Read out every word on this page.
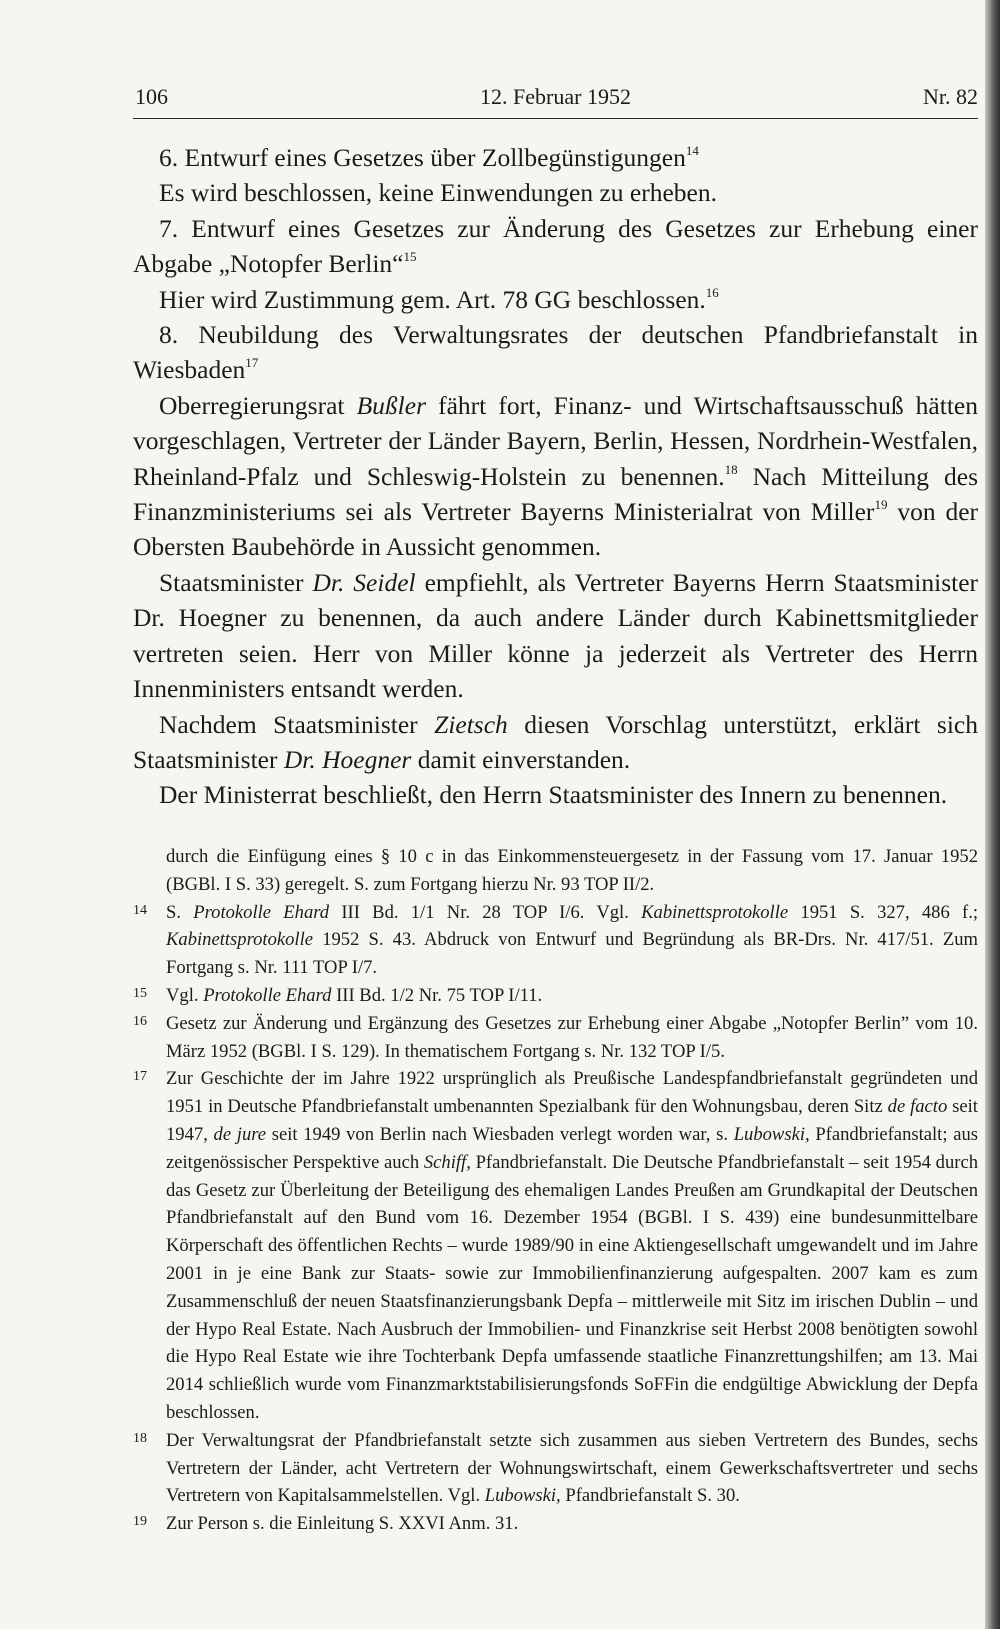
106	12. Februar 1952	Nr. 82

6. Entwurf eines Gesetzes über Zollbegünstigungen$^{14}$

Es wird beschlossen, keine Einwendungen zu erheben.

7. Entwurf eines Gesetzes zur Änderung des Gesetzes zur Erhebung einer Abgabe „Notopfer Berlin“$^{15}$

Hier wird Zustimmung gem. Art. 78 GG beschlossen.$^{16}$

8. Neubildung des Verwaltungsrates der deutschen Pfandbriefanstalt in Wiesbaden$^{17}$

Oberregierungsrat Bußler fährt fort, Finanz- und Wirtschaftsausschuß hätten vorgeschlagen, Vertreter der Länder Bayern, Berlin, Hessen, Nordrhein-Westfalen, Rheinland-Pfalz und Schleswig-Holstein zu benennen.$^{18}$ Nach Mitteilung des Finanzministeriums sei als Vertreter Bayerns Ministerialrat von Miller$^{19}$ von der Obersten Baubehörde in Aussicht genommen.

Staatsminister Dr. Seidel empfiehlt, als Vertreter Bayerns Herrn Staatsminister Dr. Hoegner zu benennen, da auch andere Länder durch Kabinettsmitglieder vertreten seien. Herr von Miller könne ja jederzeit als Vertreter des Herrn Innenministers entsandt werden.

Nachdem Staatsminister Zietsch diesen Vorschlag unterstützt, erklärt sich Staatsminister Dr. Hoegner damit einverstanden.

Der Ministerrat beschließt, den Herrn Staatsminister des Innern zu benennen.

durch die Einfügung eines § 10 c in das Einkommensteuergesetz in der Fassung vom 17. Januar 1952 (BGBl. I S. 33) geregelt. S. zum Fortgang hierzu Nr. 93 TOP II/2.

14 S. Protokolle Ehard III Bd. 1/1 Nr. 28 TOP I/6. Vgl. Kabinettsprotokolle 1951 S. 327, 486 f.; Kabinettsprotokolle 1952 S. 43. Abdruck von Entwurf und Begründung als BR-Drs. Nr. 417/51. Zum Fortgang s. Nr. 111 TOP I/7.

15 Vgl. Protokolle Ehard III Bd. 1/2 Nr. 75 TOP I/11.

16 Gesetz zur Änderung und Ergänzung des Gesetzes zur Erhebung einer Abgabe „Notopfer Berlin” vom 10. März 1952 (BGBl. I S. 129). In thematischem Fortgang s. Nr. 132 TOP I/5.

17 Zur Geschichte der im Jahre 1922 ursprünglich als Preußische Landespfandbriefanstalt gegründeten und 1951 in Deutsche Pfandbriefanstalt umbenannten Spezialbank für den Wohnungsbau, deren Sitz de facto seit 1947, de jure seit 1949 von Berlin nach Wiesbaden verlegt worden war, s. Lubowski, Pfandbriefanstalt; aus zeitgenössischer Perspektive auch Schiff, Pfandbriefanstalt. Die Deutsche Pfandbriefanstalt – seit 1954 durch das Gesetz zur Überleitung der Beteiligung des ehemaligen Landes Preußen am Grundkapital der Deutschen Pfandbriefanstalt auf den Bund vom 16. Dezember 1954 (BGBl. I S. 439) eine bundesunmittelbare Körperschaft des öffentlichen Rechts – wurde 1989/90 in eine Aktiengesellschaft umgewandelt und im Jahre 2001 in je eine Bank zur Staats- sowie zur Immobilienfinanzierung aufgespalten. 2007 kam es zum Zusammenschluß der neuen Staatsfinanzierungsbank Depfa – mittlerweile mit Sitz im irischen Dublin – und der Hypo Real Estate. Nach Ausbruch der Immobilien- und Finanzkrise seit Herbst 2008 benötigten sowohl die Hypo Real Estate wie ihre Tochterbank Depfa umfassende staatliche Finanzrettungshilfen; am 13. Mai 2014 schließlich wurde vom Finanzmarktstabilisierungsfonds SoFFin die endgültige Abwicklung der Depfa beschlossen.

18 Der Verwaltungsrat der Pfandbriefanstalt setzte sich zusammen aus sieben Vertretern des Bundes, sechs Vertretern der Länder, acht Vertretern der Wohnungswirtschaft, einem Gewerkschaftsvertreter und sechs Vertretern von Kapitalsammelstellen. Vgl. Lubowski, Pfandbriefanstalt S. 30.

19 Zur Person s. die Einleitung S. XXVI Anm. 31.
